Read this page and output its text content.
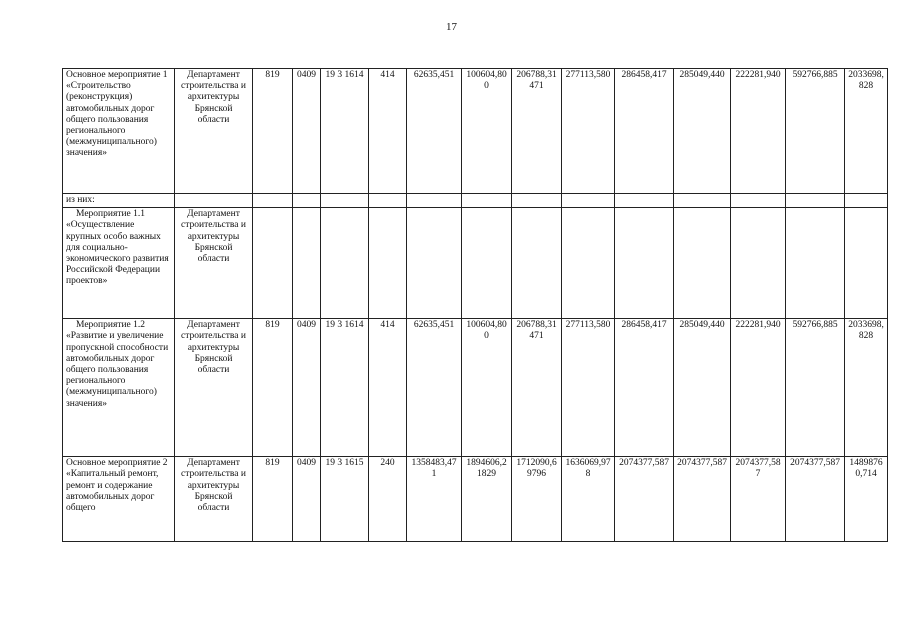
17
Основное мероприятие 1 «Строительство (реконструкция) автомобильных дорог общего пользования регионального (межмуниципального) значения»	Департамент строительства и архитектуры Брянской области	819	0409	19 3 1614	414	62635,451	100604,800	206788,31471	277113,580	286458,417	285049,440	222281,940	592766,885	2033698,828
из них:														
Мероприятие 1.1 «Осуществление крупных особо важных для социально-экономического развития Российской Федерации проектов»	Департамент строительства и архитектуры Брянской области													
Мероприятие 1.2 «Развитие и увеличение пропускной способности автомобильных дорог общего пользования регионального (межмуниципального) значения»	Департамент строительства и архитектуры Брянской области	819	0409	19 3 1614	414	62635,451	100604,800	206788,31471	277113,580	286458,417	285049,440	222281,940	592766,885	2033698,828
Основное мероприятие 2 «Капитальный ремонт, ремонт и содержание автомобильных дорог общего	Департамент строительства и архитектуры Брянской области	819	0409	19 3 1615	240	1358483,471	1894606,21829	1712090,69796	1636069,978	2074377,587	2074377,587	2074377,587	2074377,587	14898760,714
